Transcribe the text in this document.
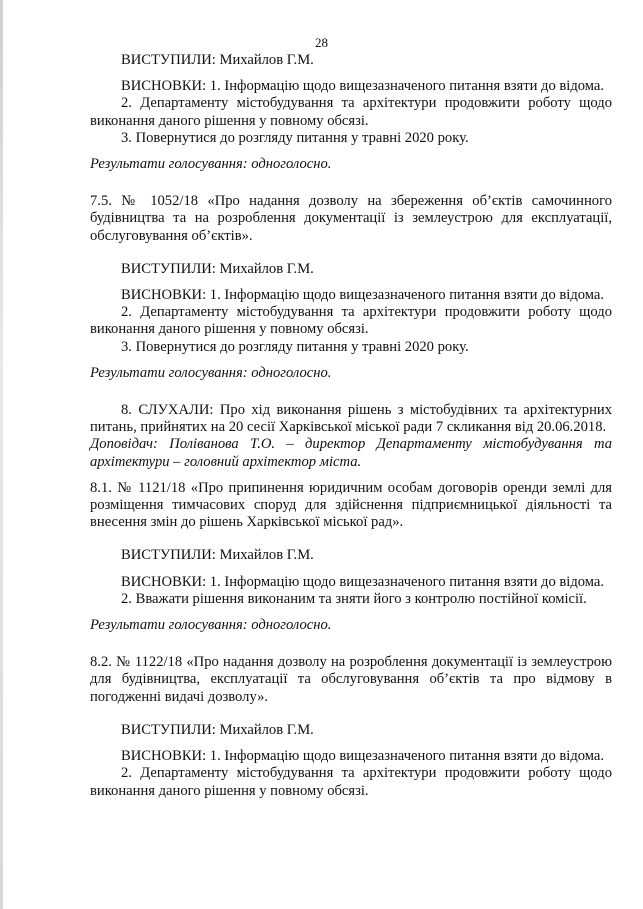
28

ВИСТУПИЛИ: Михайлов Г.М.

ВИСНОВКИ: 1. Інформацію щодо вищезазначеного питання взяти до відома.

2. Департаменту містобудування та архітектури продовжити роботу щодо виконання даного рішення у повному обсязі.

3. Повернутися до розгляду питання у травні 2020 року.

Результати голосування: одноголосно.

7.5. № 1052/18 «Про надання дозволу на збереження об’єктів самочинного будівництва та на розроблення документації із землеустрою для експлуатації, обслуговування об’єктів».

ВИСТУПИЛИ: Михайлов Г.М.

ВИСНОВКИ: 1. Інформацію щодо вищезазначеного питання взяти до відома.

2. Департаменту містобудування та архітектури продовжити роботу щодо виконання даного рішення у повному обсязі.

3. Повернутися до розгляду питання у травні 2020 року.

Результати голосування: одноголосно.

8. СЛУХАЛИ: Про хід виконання рішень з містобудівних та архітектурних питань, прийнятих на 20 сесії Харківської міської ради 7 скликання від 20.06.2018.

Доповідач: Поліванова Т.О. – директор Департаменту містобудування та архітектури – головний архітектор міста.

8.1. № 1121/18 «Про припинення юридичним особам договорів оренди землі для розміщення тимчасових споруд для здійснення підприємницької діяльності та внесення змін до рішень Харківської міської рад».

ВИСТУПИЛИ: Михайлов Г.М.

ВИСНОВКИ: 1. Інформацію щодо вищезазначеного питання взяти до відома.

2. Вважати рішення виконаним та зняти його з контролю постійної комісії.

Результати голосування: одноголосно.

8.2. № 1122/18 «Про надання дозволу на розроблення документації із землеустрою для будівництва, експлуатації та обслуговування об’єктів та про відмову в погодженні видачі дозволу».

ВИСТУПИЛИ: Михайлов Г.М.

ВИСНОВКИ: 1. Інформацію щодо вищезазначеного питання взяти до відома.

2. Департаменту містобудування та архітектури продовжити роботу щодо виконання даного рішення у повному обсязі.
